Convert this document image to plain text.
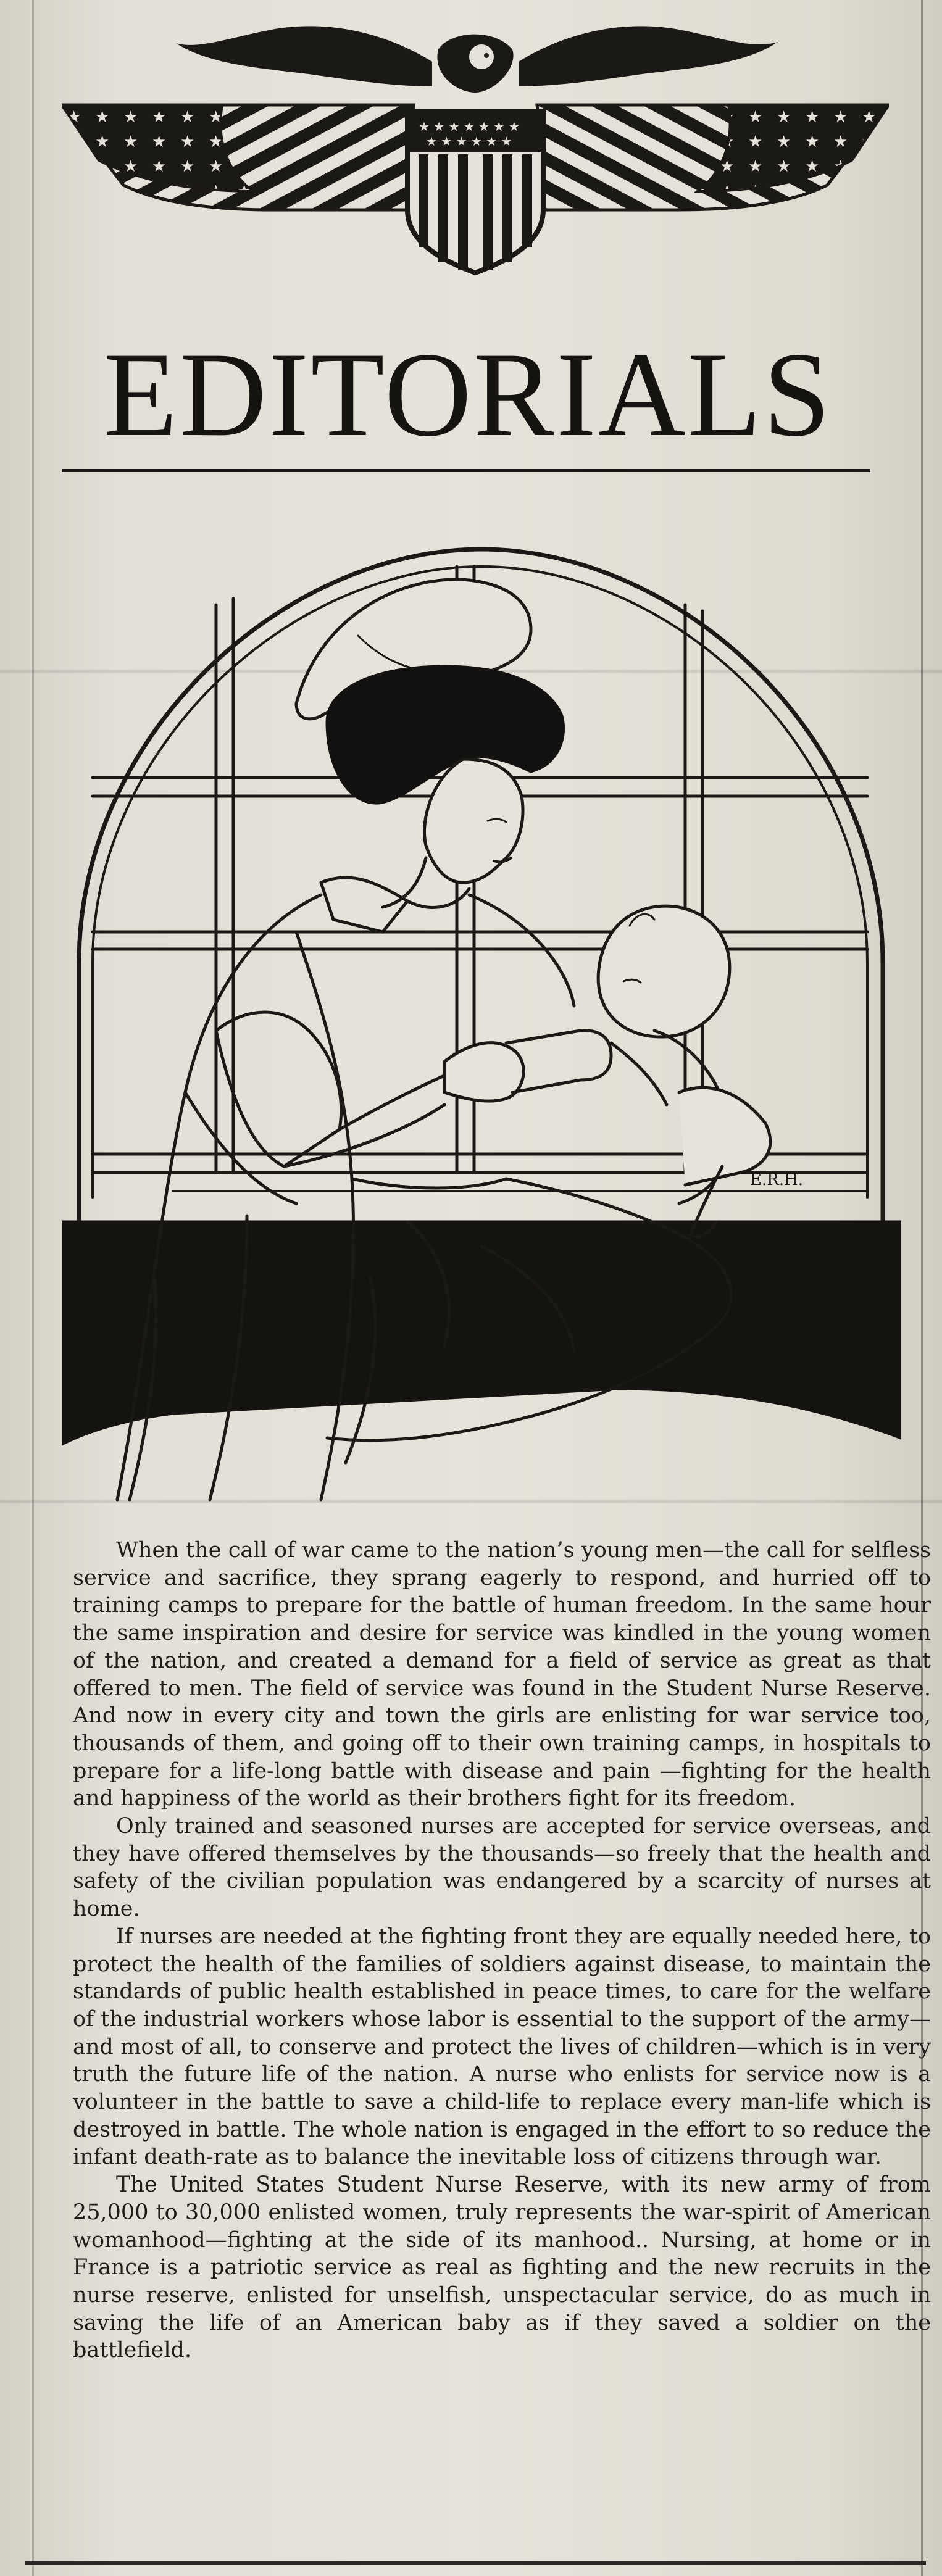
★ ★ ★ ★ ★ ★ ★
★ ★ ★ ★ ★ ★
EDITORIALS
E.R.H.

When the call of war came to the nation’s young men—the call for selfless service and sacrifice, they sprang eagerly to respond, and hurried off to training camps to prepare for the battle of human freedom. In the same hour the same inspiration and desire for service was kindled in the young women of the nation, and created a demand for a field of service as great as that offered to men. The field of service was found in the Student Nurse Reserve. And now in every city and town the girls are enlisting for war service too, thousands of them, and going off to their own training camps, in hospitals to prepare for a life-long battle with disease and pain —fighting for the health and happiness of the world as their brothers fight for its freedom.

Only trained and seasoned nurses are accepted for service overseas, and they have offered themselves by the thousands—so freely that the health and safety of the civilian population was endangered by a scarcity of nurses at home.

If nurses are needed at the fighting front they are equally needed here, to protect the health of the families of soldiers against disease, to maintain the standards of public health established in peace times, to care for the welfare of the industrial workers whose labor is essential to the support of the army—and most of all, to conserve and protect the lives of children—which is in very truth the future life of the nation. A nurse who enlists for service now is a volunteer in the battle to save a child-life to replace every man-life which is destroyed in battle. The whole nation is engaged in the effort to so reduce the infant death-rate as to balance the inevitable loss of citizens through war.

The United States Student Nurse Reserve, with its new army of from 25,000 to 30,000 enlisted women, truly represents the war-spirit of American womanhood—fighting at the side of its manhood.. Nursing, at home or in France is a patriotic service as real as fighting and the new recruits in the nurse reserve, enlisted for unselfish, unspectacular service, do as much in saving the life of an American baby as if they saved a soldier on the battlefield.
